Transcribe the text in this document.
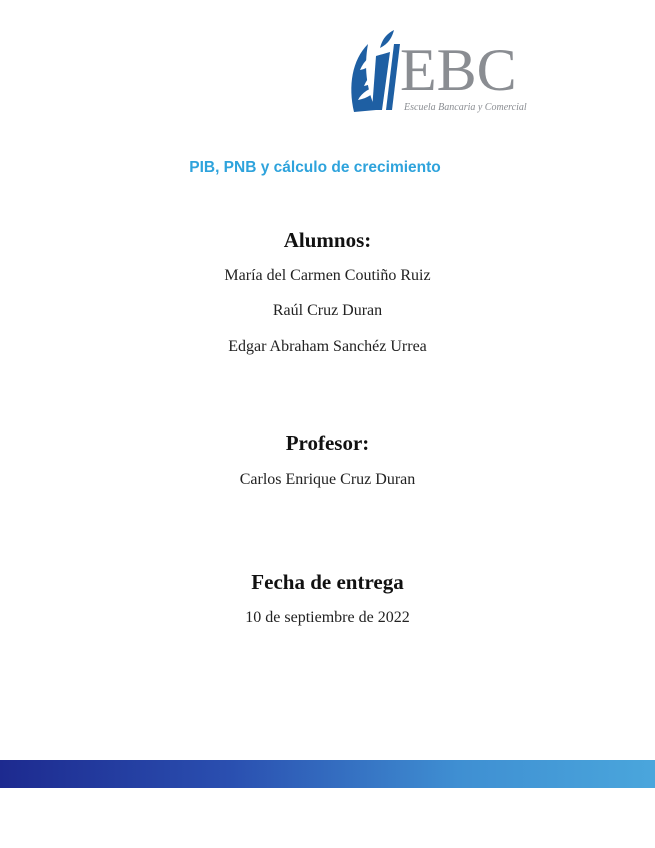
EBC
Escuela Bancaria y Comercial
PIB, PNB y cálculo de crecimiento
Alumnos:
María del Carmen Coutiño Ruiz
Raúl Cruz Duran
Edgar Abraham Sanchéz Urrea
Profesor:
Carlos Enrique Cruz Duran
Fecha de entrega
10 de septiembre de 2022
